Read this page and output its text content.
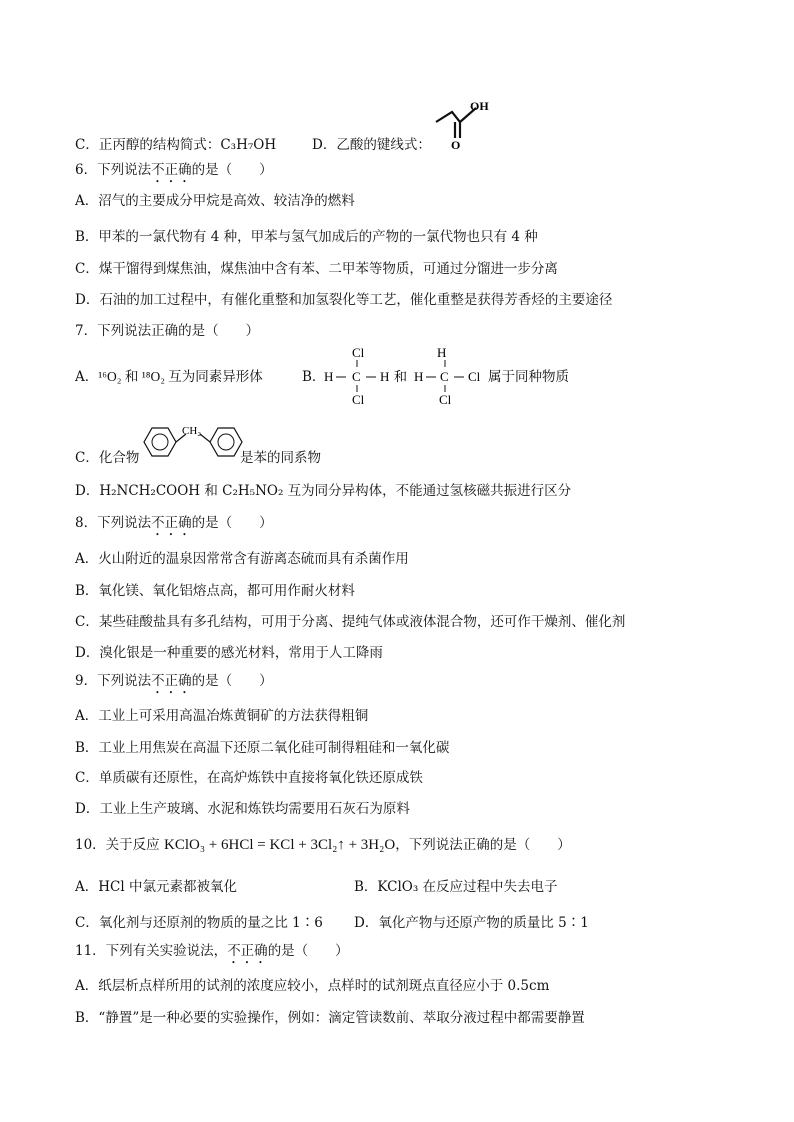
C．正丙醇的结构简式：C₃H₇OH	D．乙酸的键线式：
OH
O
6．下列说法不正确的是（　　）
A．沼气的主要成分甲烷是高效、较洁净的燃料
B．甲苯的一氯代物有 4 种，甲苯与氢气加成后的产物的一氯代物也只有 4 种
C．煤干馏得到煤焦油，煤焦油中含有苯、二甲苯等物质，可通过分馏进一步分离
D．石油的加工过程中，有催化重整和加氢裂化等工艺，催化重整是获得芳香烃的主要途径
7．下列说法正确的是（　　）
A．¹⁶O₂ 和 ¹⁸O₂ 互为同素异形体	B．
H C H
Cl
Cl
和 H C Cl
H
Cl
属于同种物质
C．化合物
CH₂
是苯的同系物
D．H₂NCH₂COOH 和 C₂H₅NO₂ 互为同分异构体，不能通过氢核磁共振进行区分
8．下列说法不正确的是（　　）
A．火山附近的温泉因常常含有游离态硫而具有杀菌作用
B．氧化镁、氧化铝熔点高，都可用作耐火材料
C．某些硅酸盐具有多孔结构，可用于分离、提纯气体或液体混合物，还可作干燥剂、催化剂
D．溴化银是一种重要的感光材料，常用于人工降雨
9．下列说法不正确的是（　　）
A．工业上可采用高温冶炼黄铜矿的方法获得粗铜
B．工业上用焦炭在高温下还原二氧化硅可制得粗硅和一氧化碳
C．单质碳有还原性，在高炉炼铁中直接将氧化铁还原成铁
D．工业上生产玻璃、水泥和炼铁均需要用石灰石为原料
10．关于反应 KClO₃ + 6HCl = KCl + 3Cl₂↑ + 3H₂O，下列说法正确的是（　　）
A．HCl 中氯元素都被氧化	B．KClO₃ 在反应过程中失去电子
C．氧化剂与还原剂的物质的量之比 1∶6 D．氧化产物与还原产物的质量比 5∶1
11．下列有关实验说法，不正确的是（　　）
A．纸层析点样所用的试剂的浓度应较小，点样时的试剂斑点直径应小于 0.5cm
B．“静置”是一种必要的实验操作，例如：滴定管读数前、萃取分液过程中都需要静置
